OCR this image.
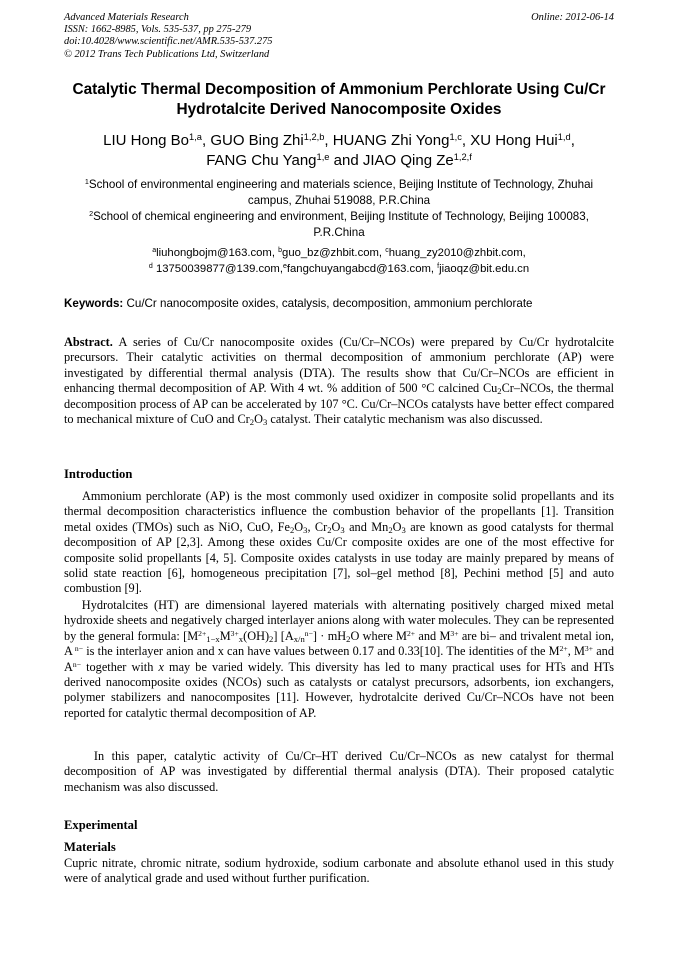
Advanced Materials Research
ISSN: 1662-8985, Vols. 535-537, pp 275-279
doi:10.4028/www.scientific.net/AMR.535-537.275
© 2012 Trans Tech Publications Ltd, Switzerland
Online: 2012-06-14
Catalytic Thermal Decomposition of Ammonium Perchlorate Using Cu/Cr
Hydrotalcite Derived Nanocomposite Oxides
LIU Hong Bo$^{1,a}$, GUO Bing Zhi$^{1,2,b}$, HUANG Zhi Yong$^{1,c}$, XU Hong Hui$^{1,d}$,
FANG Chu Yang$^{1,e}$ and JIAO Qing Ze$^{1,2,f}$
$^1$School of environmental engineering and materials science, Beijing Institute of Technology, Zhuhai
campus, Zhuhai 519088, P.R.China
$^2$School of chemical engineering and environment, Beijing Institute of Technology, Beijing 100083,
P.R.China
$^a$liuhongbojm@163.com, $^b$guo_bz@zhbit.com, $^c$huang_zy2010@zhbit.com,
$^d$ 13750039877@139.com,$^e$fangchuyangabcd@163.com, $^f$jiaoqz@bit.edu.cn
Keywords: Cu/Cr nanocomposite oxides, catalysis, decomposition, ammonium perchlorate
Abstract. A series of Cu/Cr nanocomposite oxides (Cu/Cr–NCOs) were prepared by Cu/Cr hydrotalcite precursors. Their catalytic activities on thermal decomposition of ammonium perchlorate (AP) were investigated by differential thermal analysis (DTA). The results show that Cu/Cr–NCOs are efficient in enhancing thermal decomposition of AP. With 4 wt. % addition of 500 °C calcined $Cu_2Cr$–NCOs, the thermal decomposition process of AP can be accelerated by 107 °C. Cu/Cr–NCOs catalysts have better effect compared to mechanical mixture of CuO and $Cr_2O_3$ catalyst. Their catalytic mechanism was also discussed.
Introduction
Ammonium perchlorate (AP) is the most commonly used oxidizer in composite solid propellants and its thermal decomposition characteristics influence the combustion behavior of the propellants [1]. Transition metal oxides (TMOs) such as NiO, CuO, $Fe_2O_3$, $Cr_2O_3$ and $Mn_2O_3$ are known as good catalysts for thermal decomposition of AP [2,3]. Among these oxides Cu/Cr composite oxides are one of the most effective for composite solid propellants [4, 5]. Composite oxides catalysts in use today are mainly prepared by means of solid state reaction [6], homogeneous precipitation [7], sol–gel method [8], Pechini method [5] and auto combustion [9].
Hydrotalcites (HT) are dimensional layered materials with alternating positively charged mixed metal hydroxide sheets and negatively charged interlayer anions along with water molecules. They can be represented by the general formula: $[M^{2+}_{1-x}M^{3+}_x(OH)_2] [A_{x/n}^{n-}] \cdot mH_2O$ where $M^{2+}$ and $M^{3+}$ are bi– and trivalent metal ion, A $^{n-}$ is the interlayer anion and x can have values between 0.17 and 0.33[10]. The identities of the $M^{2+}$, $M^{3+}$ and $A^{n-}$ together with x may be varied widely. This diversity has led to many practical uses for HTs and HTs derived nanocomposite oxides (NCOs) such as catalysts or catalyst precursors, adsorbents, ion exchangers, polymer stabilizers and nanocomposites [11]. However, hydrotalcite derived Cu/Cr–NCOs have not been reported for catalytic thermal decomposition of AP.
In this paper, catalytic activity of Cu/Cr–HT derived Cu/Cr–NCOs as new catalyst for thermal decomposition of AP was investigated by differential thermal analysis (DTA). Their proposed catalytic mechanism was also discussed.
Experimental
Materials
Cupric nitrate, chromic nitrate, sodium hydroxide, sodium carbonate and absolute ethanol used in this study were of analytical grade and used without further purification.
